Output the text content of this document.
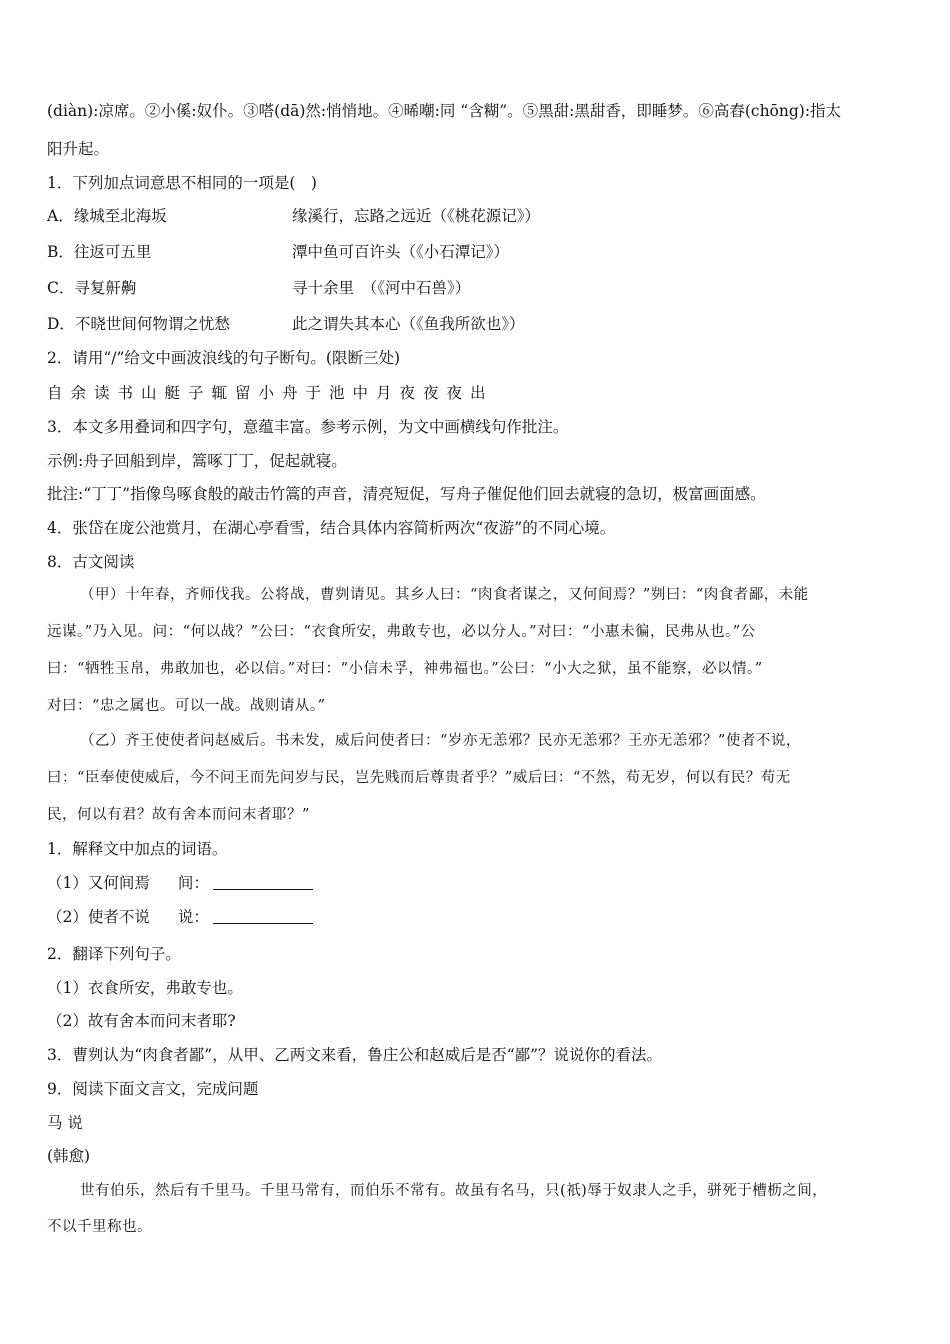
(diàn):凉席。②小傒:奴仆。③嗒(dā)然:悄悄地。④晞嘲:同 “含糊”。⑤黑甜:黑甜香，即睡梦。⑥高舂(chōng):指太

阳升起。

1．下列加点词意思不相同的一项是(　)

A．缘城至北海坂	缘溪行，忘路之远近（《桃花源记》）
B．往返可五里	潭中鱼可百许头（《小石潭记》）
C．寻复鼾齁	寻十余里　（《河中石兽》）
D．不晓世间何物谓之忧愁	此之谓失其本心（《鱼我所欲也》）

2．请用“/”给文中画波浪线的句子断句。(限断三处)

自余读书山艇子辄留小舟于池中月夜夜夜出

3．本文多用叠词和四字句，意蕴丰富。参考示例，为文中画横线句作批注。

示例:舟子回船到岸，篙啄丁丁，促起就寝。

批注:“丁丁”指像鸟啄食般的敲击竹篙的声音，清亮短促，写舟子催促他们回去就寝的急切，极富画面感。

4．张岱在庞公池赏月，在湖心亭看雪，结合具体内容简析两次“夜游”的不同心境。

8．古文阅读

（甲）十年春，齐师伐我。公将战，曹刿请见。其乡人曰：“肉食者谋之，又何间焉？”刿曰：“肉食者鄙，未能

远谋。”乃入见。问：“何以战？”公曰：“衣食所安，弗敢专也，必以分人。”对曰：“小惠未徧，民弗从也。”公

曰：“牺牲玉帛，弗敢加也，必以信。”对曰：“小信未孚，神弗福也。”公曰：“小大之狱，虽不能察，必以情。”

对曰：“忠之属也。可以一战。战则请从。”

（乙）齐王使使者问赵威后。书未发，威后问使者曰：“岁亦无恙邪？民亦无恙邪？王亦无恙邪？”使者不说，

曰：“臣奉使使威后，今不问王而先问岁与民，岂先贱而后尊贵者乎？”威后曰：“不然，苟无岁，何以有民？苟无

民，何以有君？故有舍本而问末者耶？”

1．解释文中加点的词语。

（1）又何间焉 间：

（2）使者不说 说：

2．翻译下列句子。

（1）衣食所安，弗敢专也。

（2）故有舍本而问末者耶?

3．曹刿认为“肉食者鄙”，从甲、乙两文来看，鲁庄公和赵威后是否“鄙”？说说你的看法。

9．阅读下面文言文，完成问题

马 说

(韩愈)

世有伯乐，然后有千里马。千里马常有，而伯乐不常有。故虽有名马，只(祇)辱于奴隶人之手，骈死于槽枥之间，

不以千里称也。
